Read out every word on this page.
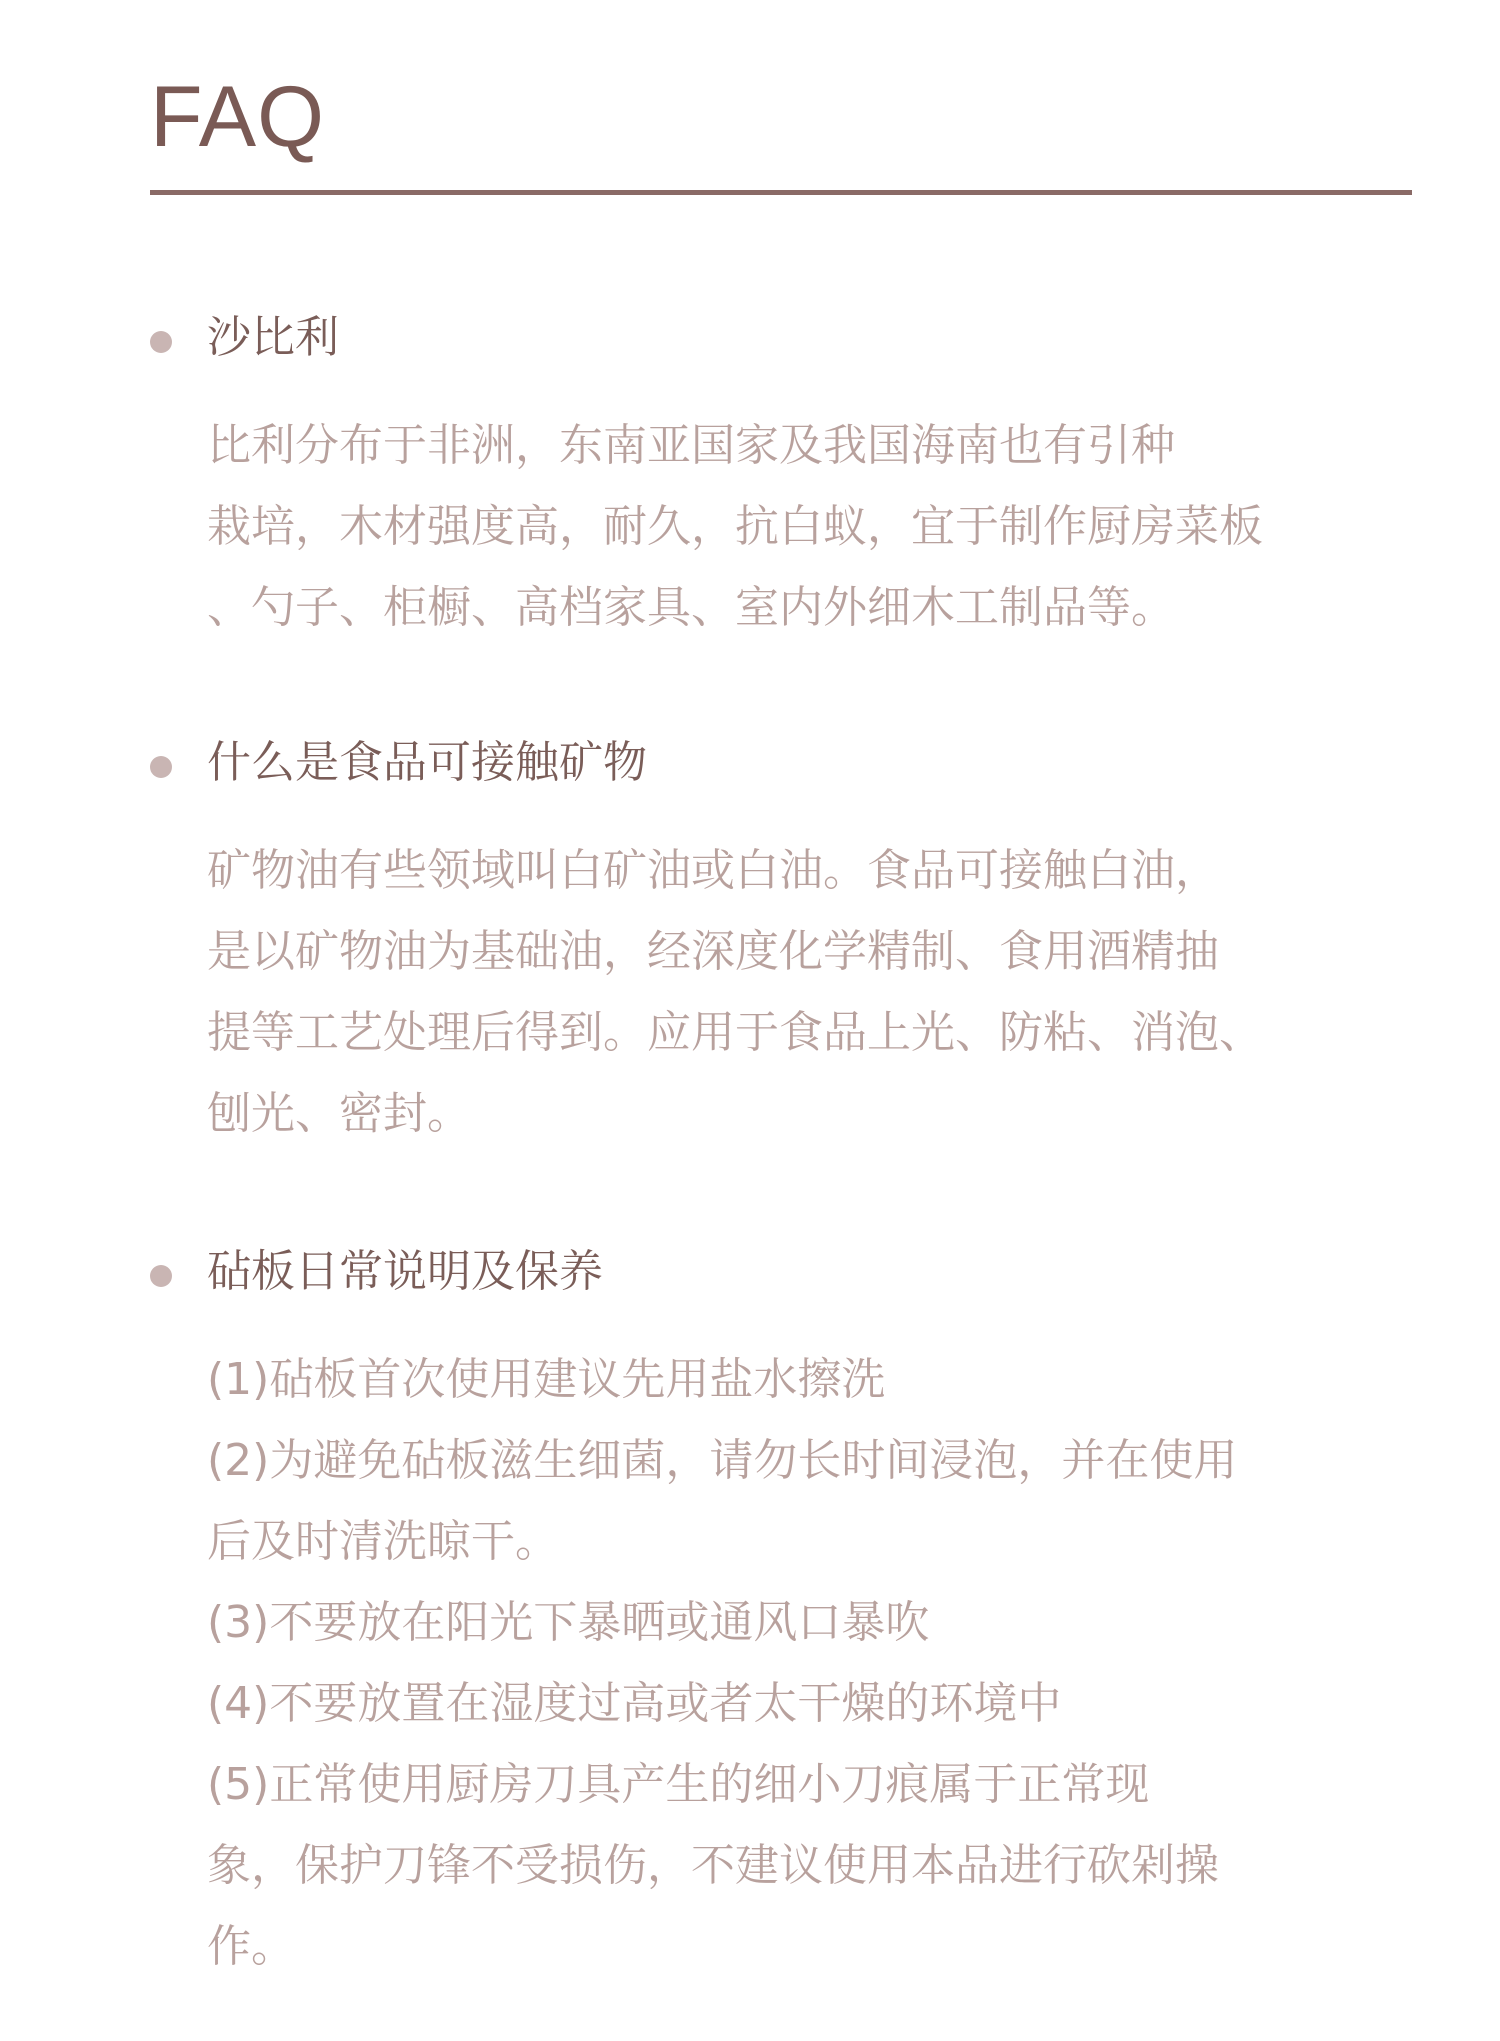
FAQ
沙比利
比利分布于非洲，东南亚国家及我国海南也有引种
栽培，木材强度高，耐久，抗白蚁，宜于制作厨房菜板
、勺子、柜橱、高档家具、室内外细木工制品等。
什么是食品可接触矿物
矿物油有些领域叫白矿油或白油。食品可接触白油，
是以矿物油为基础油，经深度化学精制、食用酒精抽
提等工艺处理后得到。应用于食品上光、防粘、消泡、
刨光、密封。
砧板日常说明及保养
(1)砧板首次使用建议先用盐水擦洗
(2)为避免砧板滋生细菌，请勿长时间浸泡，并在使用
后及时清洗晾干。
(3)不要放在阳光下暴晒或通风口暴吹
(4)不要放置在湿度过高或者太干燥的环境中
(5)正常使用厨房刀具产生的细小刀痕属于正常现
象，保护刀锋不受损伤，不建议使用本品进行砍剁操
作。
